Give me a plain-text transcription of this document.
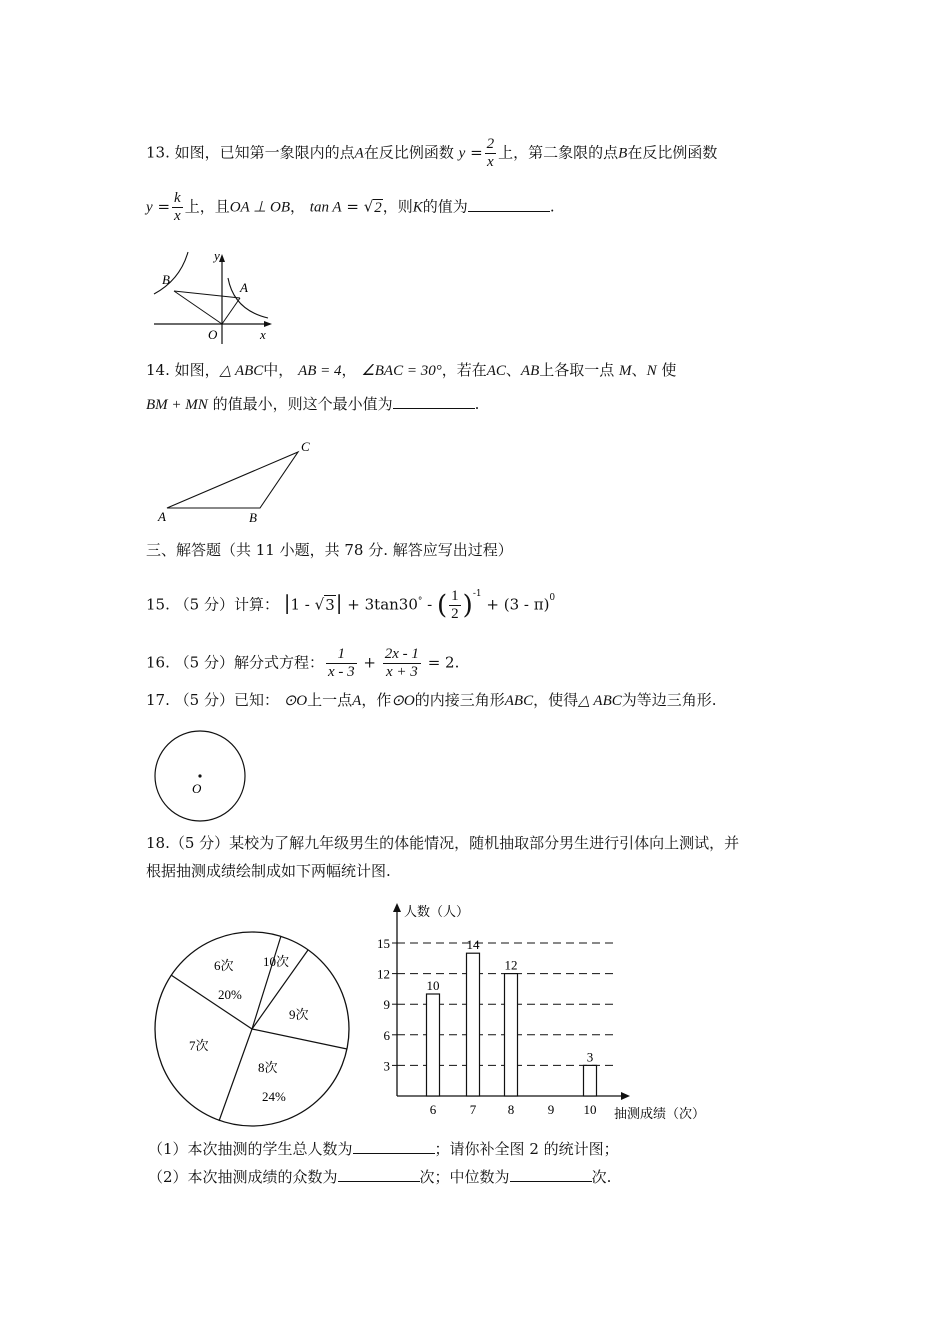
13. 如图，已知第一象限内的点A在反比例函数 $y = \frac{2}{x}$ 上，第二象限的点B在反比例函数
$y = \frac{k}{x}$ 上，且OA ⊥ OB， tan A = √2，则K的值为	.
B
A
O	x
y
14. 如图，△ ABC中， AB = 4， ∠BAC = 30°，若在AC、AB上各取一点 M、N 使
BM + MN 的值最小，则这个最小值为	.
A	B
C
三、解答题（共 11 小题，共 78 分. 解答应写出过程）
15. （5 分）计算： |1 - √3| + 3tan30° - ( $\frac{1}{2} )^{-1} + (3 - \pi)^0$
16. （5 分）解分式方程： $\frac{1}{x - 3} + \frac{2x - 1}{x + 3} = 2$.
17. （5 分）已知： ⊙O上一点A，作⊙O的内接三角形ABC，使得△ ABC为等边三角形.
O
18.（5 分）某校为了解九年级男生的体能情况，随机抽取部分男生进行引体向上测试，并
根据抽测成绩绘制成如下两幅统计图.
6次
20%
10次
9次
7次
8次
24%
3
6
9
12
15
人数（人）
抽测成绩（次）
6
10
7
14
8
12
9 10
3
（1）本次抽测的学生总人数为	；请你补全图 2 的统计图；
（2）本次抽测成绩的众数为	次；中位数为	次.
